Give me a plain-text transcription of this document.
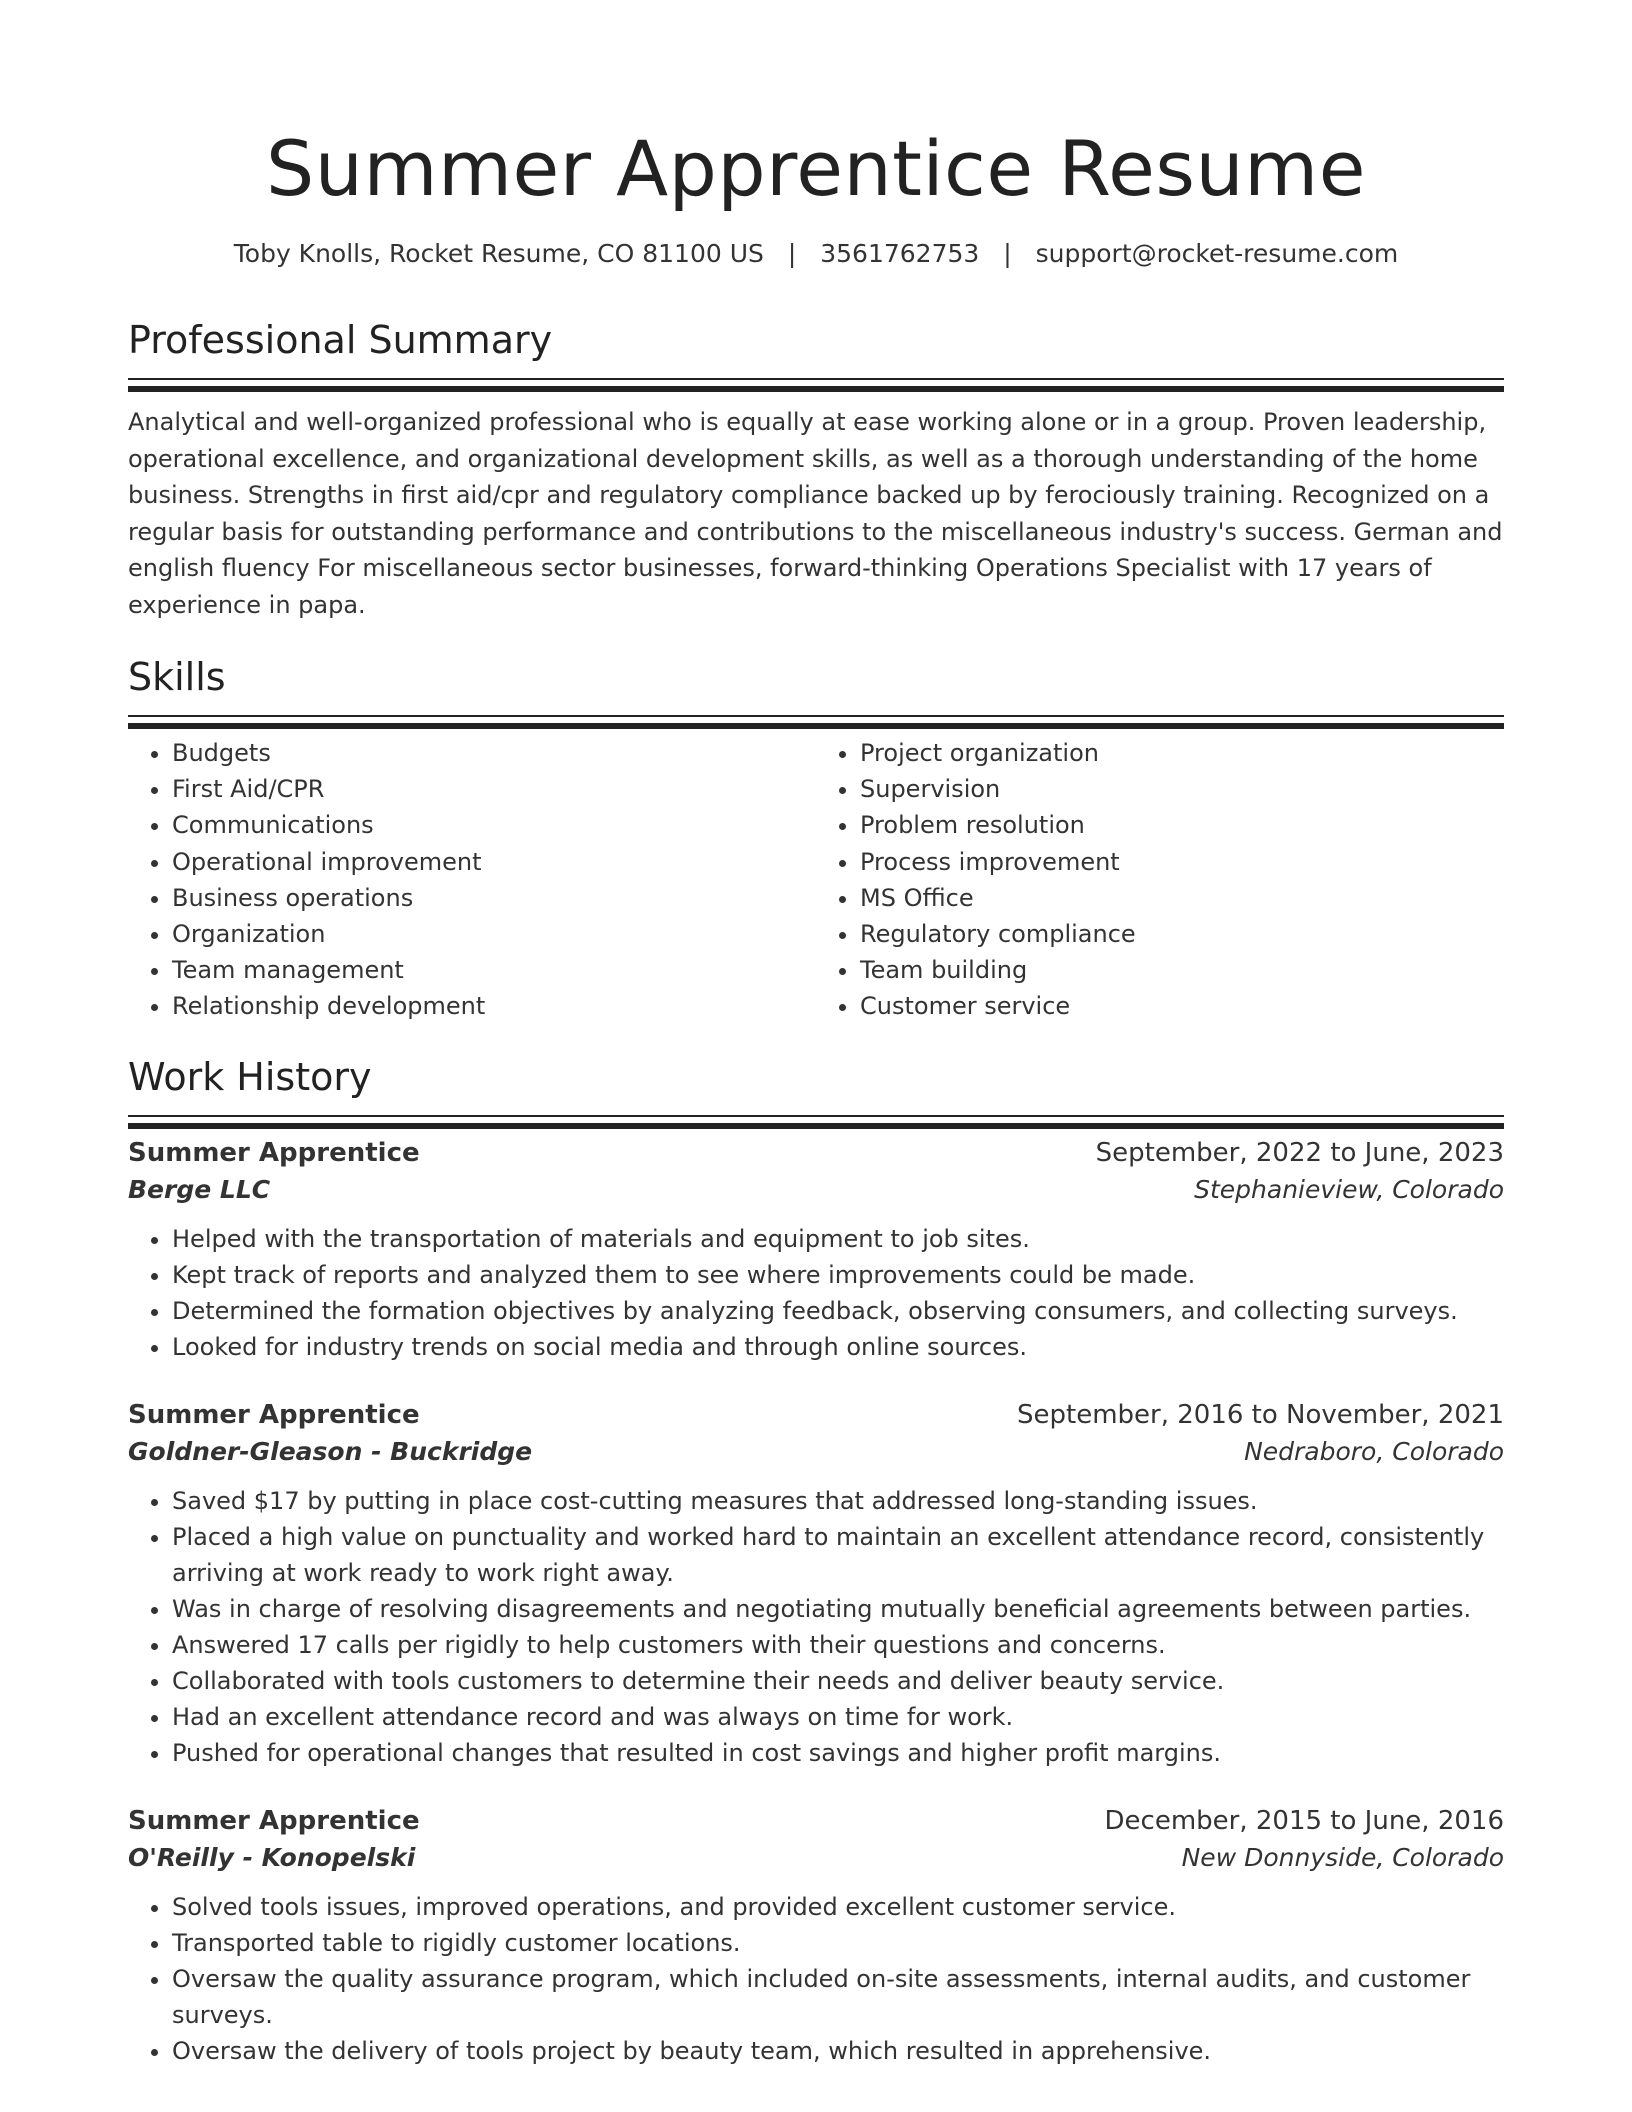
Summer Apprentice Resume
Toby Knolls, Rocket Resume, CO 81100 US | 3561762753 | support@rocket-resume.com
Professional Summary

Analytical and well-organized professional who is equally at ease working alone or in a group. Proven leadership, operational excellence, and organizational development skills, as well as a thorough understanding of the home business. Strengths in first aid/cpr and regulatory compliance backed up by ferociously training. Recognized on a regular basis for outstanding performance and contributions to the miscellaneous industry's success. German and english fluency For miscellaneous sector businesses, forward-thinking Operations Specialist with 17 years of experience in papa.

Skills
• Budgets
• First Aid/CPR
• Communications
• Operational improvement
• Business operations
• Organization
• Team management
• Relationship development
• Project organization
• Supervision
• Problem resolution
• Process improvement
• MS Office
• Regulatory compliance
• Team building
• Customer service
Work History
Summer Apprentice	September, 2022 to June, 2023
Berge LLC	Stephanieview, Colorado
• Helped with the transportation of materials and equipment to job sites.
• Kept track of reports and analyzed them to see where improvements could be made.
• Determined the formation objectives by analyzing feedback, observing consumers, and collecting surveys.
• Looked for industry trends on social media and through online sources.
Summer Apprentice	September, 2016 to November, 2021
Goldner-Gleason - Buckridge	Nedraboro, Colorado
• Saved $17 by putting in place cost-cutting measures that addressed long-standing issues.
• Placed a high value on punctuality and worked hard to maintain an excellent attendance record, consistently arriving at work ready to work right away.
• Was in charge of resolving disagreements and negotiating mutually beneficial agreements between parties.
• Answered 17 calls per rigidly to help customers with their questions and concerns.
• Collaborated with tools customers to determine their needs and deliver beauty service.
• Had an excellent attendance record and was always on time for work.
• Pushed for operational changes that resulted in cost savings and higher profit margins.
Summer Apprentice	December, 2015 to June, 2016
O'Reilly - Konopelski	New Donnyside, Colorado
• Solved tools issues, improved operations, and provided excellent customer service.
• Transported table to rigidly customer locations.
• Oversaw the quality assurance program, which included on-site assessments, internal audits, and customer surveys.
• Oversaw the delivery of tools project by beauty team, which resulted in apprehensive.
